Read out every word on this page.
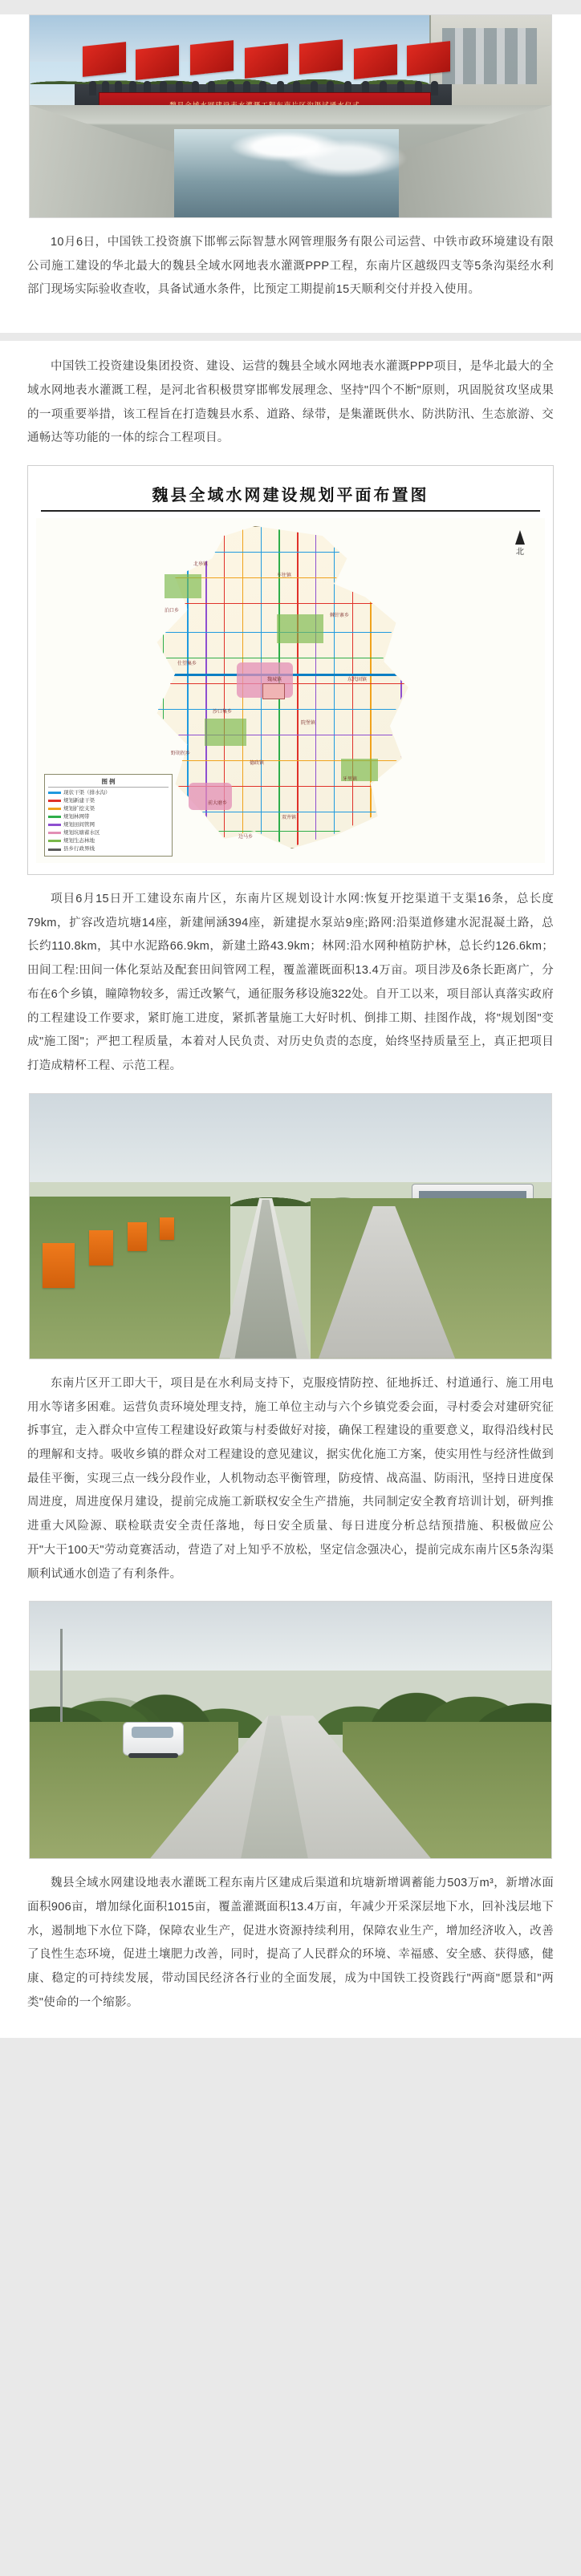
10月6日，中国铁工投资旗下邯郸云际智慧水网管理服务有限公司运营、中铁市政环境建设有限公司施工建设的华北最大的魏县全域水网地表水灌溉PPP工程，东南片区越级四支等5条沟渠经水利部门现场实际验收查收，具备试通水条件，比预定工期提前15天顺利交付并投入使用。

中国铁工投资建设集团投资、建设、运营的魏县全域水网地表水灌溉PPP项目，是华北最大的全域水网地表水灌溉工程，是河北省积极贯穿邯郸发展理念、坚持"四个不断"原则，巩固脱贫攻坚成果的一项重要举措，该工程旨在打造魏县水系、道路、绿带，是集灌既供水、防洪防汛、生态旅游、交通畅达等功能的一体的综合工程项目。

魏县全域水网建设规划平面布置图
北皋镇
车往镇
泊口乡
棘针寨乡
魏城镇
仕望集乡
东代固镇
沙口集乡
院堡镇
野胡拐乡
德政镇
牙里镇
前大磨乡
双井镇
边马乡
北
图 例
现状干渠（排水沟）
规划新建干渠
规划扩挖支渠
规划林网带
规划田间管网
规划坑塘蓄水区
规划生态林地
县乡行政界线

项目6月15日开工建设东南片区，东南片区规划设计水网:恢复开挖渠道干支渠16条，总长度79km，扩容改造坑塘14座，新建闸涵394座，新建提水泵站9座;路网:沿渠道修建水泥混凝土路，总长约110.8km，其中水泥路66.9km，新建土路43.9km；林网:沿水网种植防护林，总长约126.6km；田间工程:田间一体化泵站及配套田间管网工程，覆盖灌既面积13.4万亩。项目涉及6条长距离广，分布在6个乡镇，瞳障物较多，需迁改繁气，通征服务移设施322处。自开工以来，项目部认真落实政府的工程建设工作要求，紧盯施工进度，紧抓著量施工大好时机、倒排工期、挂图作战，将"规划图"变成"施工图"；严把工程质量，本着对人民负责、对历史负责的态度，始终坚持质量至上，真正把项目打造成精杯工程、示范工程。

东南片区开工即大干，项目是在水利局支持下，克服疫情防控、征地拆迁、村道通行、施工用电用水等诸多困难。运营负责环境处理支持，施工单位主动与六个乡镇党委会面，寻村委会对建研究征拆事宜，走入群众中宣传工程建设好政策与村委做好对接，确保工程建设的重要意义，取得沿线村民的理解和支持。吸收乡镇的群众对工程建设的意见建议，据实优化施工方案，使实用性与经济性做到最佳平衡，实现三点一线分段作业，人机物动态平衡管理，防疫情、战高温、防雨汛，坚持日进度保周进度，周进度保月建设，提前完成施工新联权安全生产措施，共同制定安全教育培训计划，研判推进重大风险源、联检联责安全责任落地，每日安全质量、每日进度分析总结预措施、积极做应公开"大干100天"劳动竟赛活动，营造了对上知乎不放松，坚定信念强决心，提前完成东南片区5条沟渠顺利试通水创造了有利条件。

魏县全域水网建设地表水灌既工程东南片区建成后渠道和坑塘新增调蓄能力503万m³，新增冰面面积906亩，增加绿化面积1015亩，覆盖灌溉面积13.4万亩，年减少开采深层地下水，回补浅层地下水，遏制地下水位下降，保障农业生产，促进水资源持续利用，保障农业生产，增加经济收入，改善了良性生态环境，促进土壤肥力改善，同时，提高了人民群众的环境、幸福感、安全感、获得感，健康、稳定的可持续发展，带动国民经济各行业的全面发展，成为中国铁工投资践行"两商"愿景和"两类"使命的一个缩影。
